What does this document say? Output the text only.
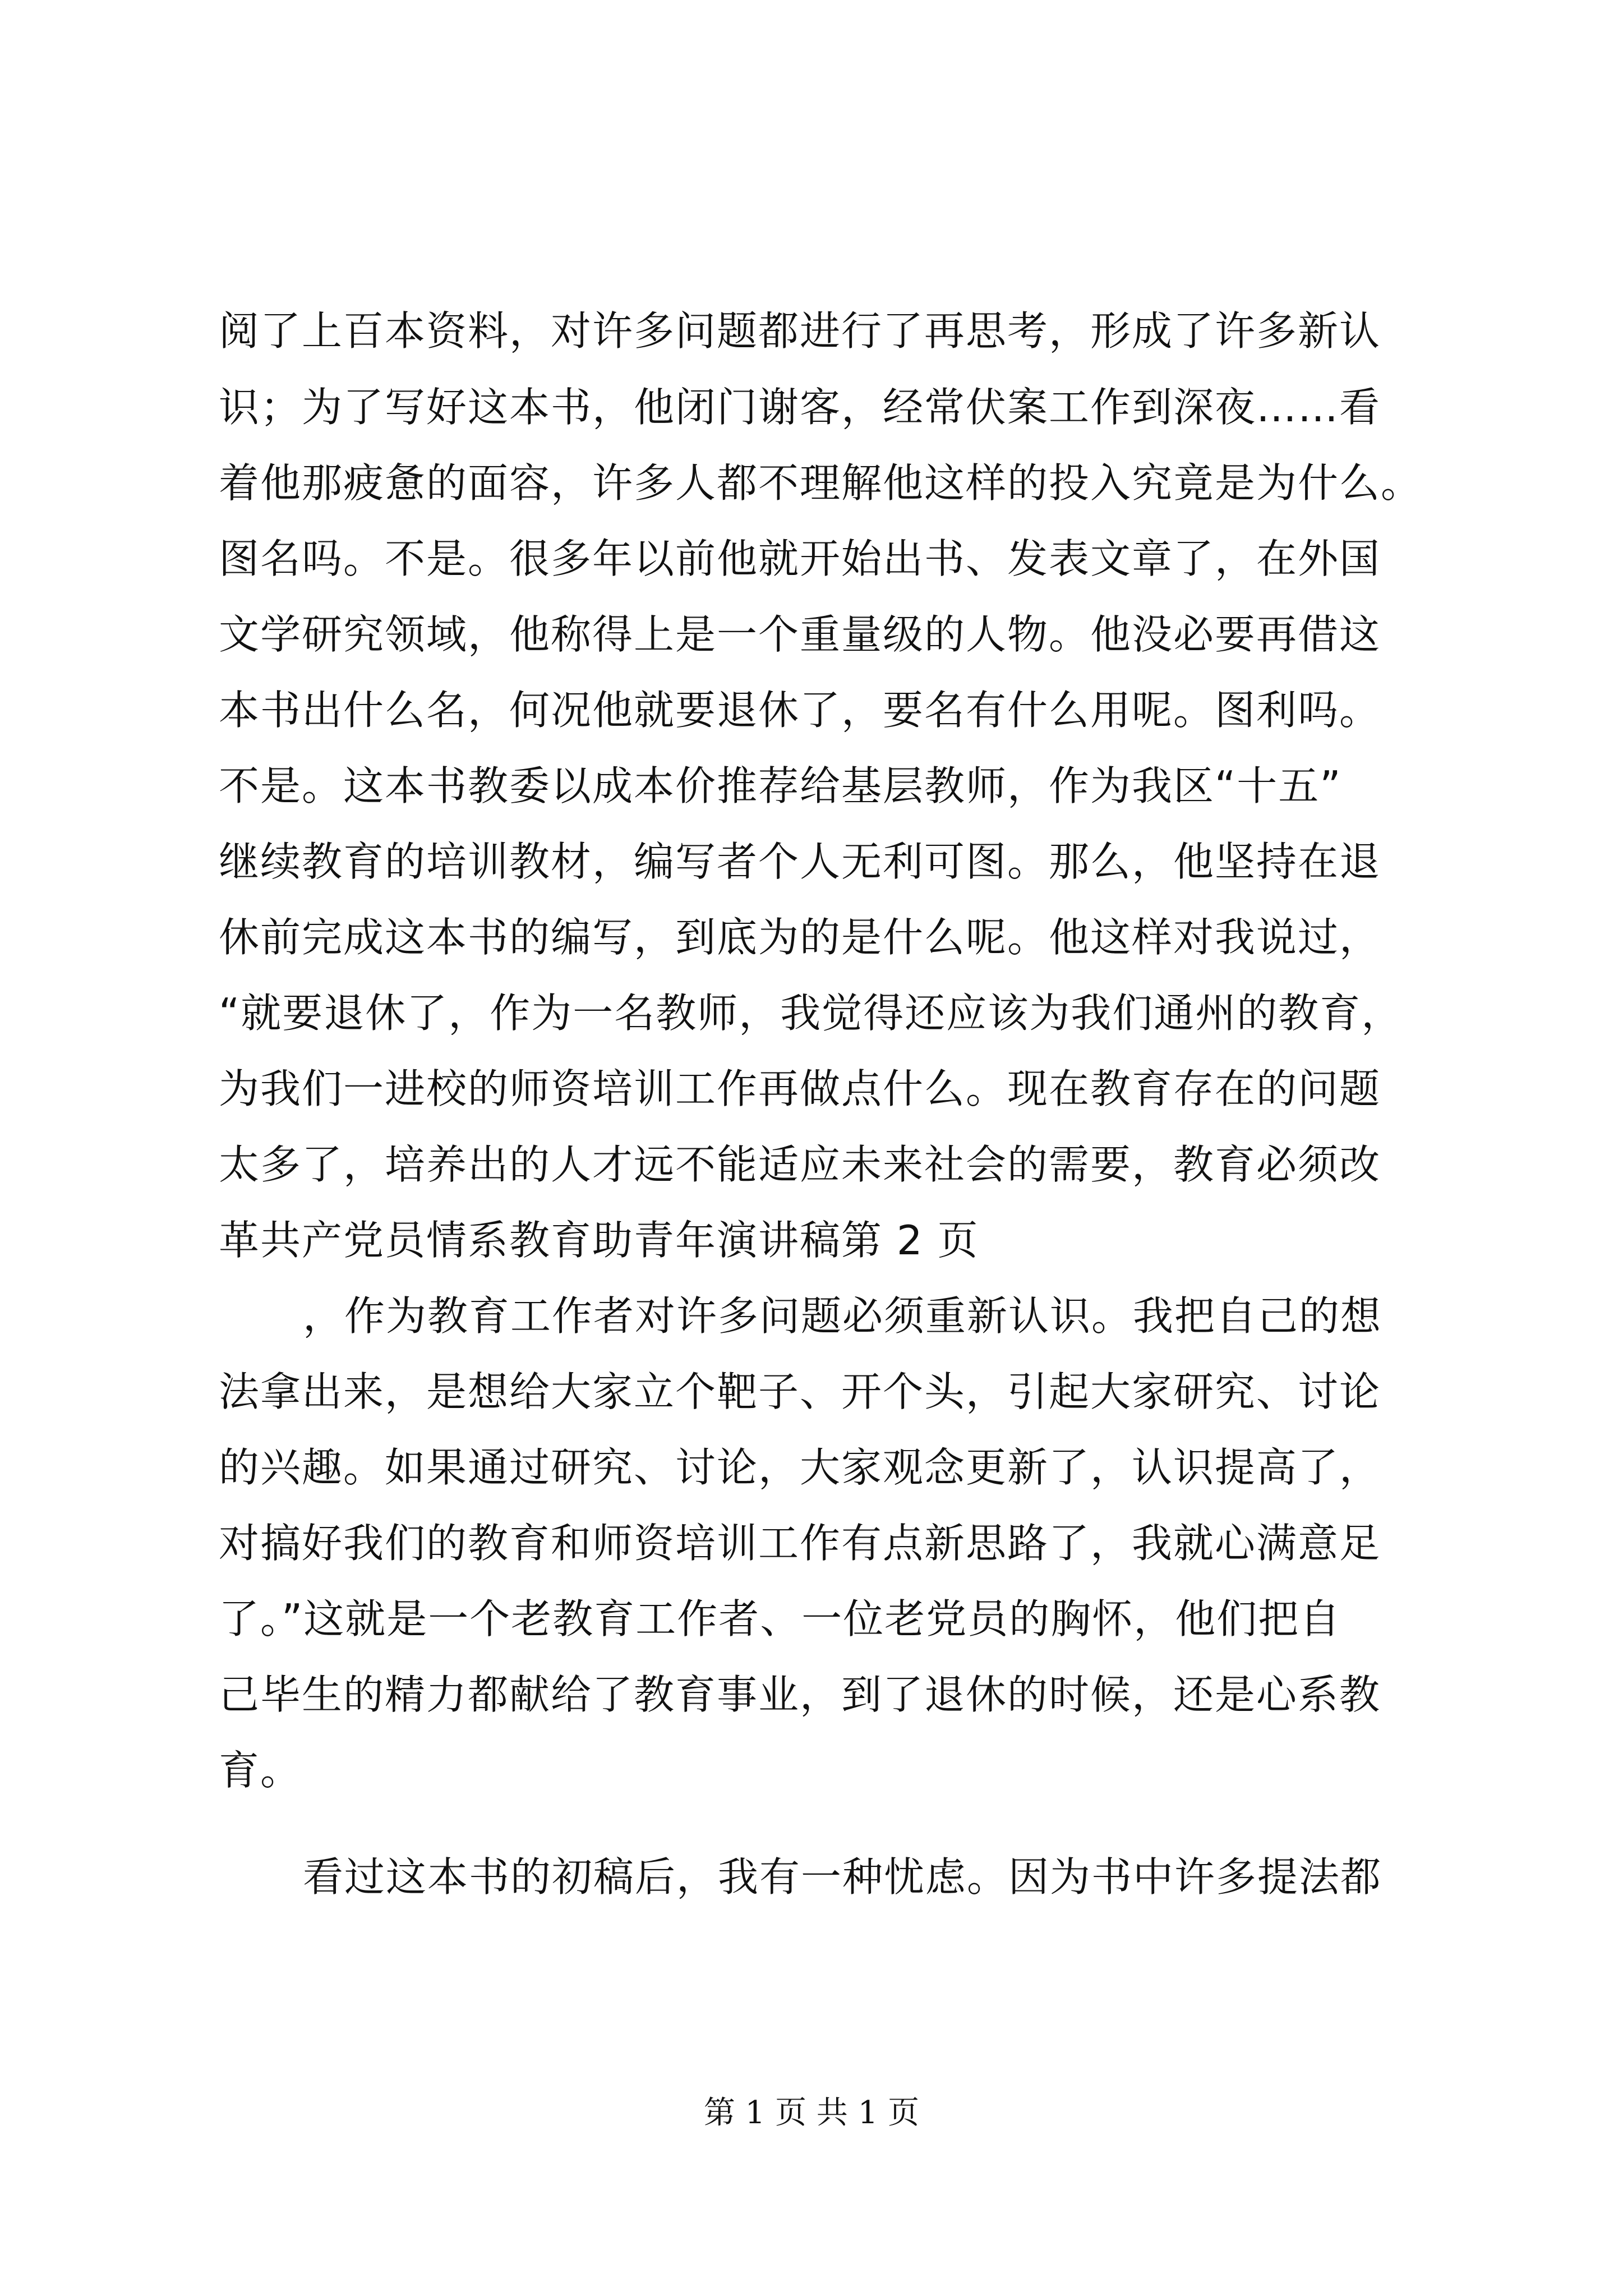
阅了上百本资料，对许多问题都进行了再思考，形成了许多新认
识；为了写好这本书，他闭门谢客，经常伏案工作到深夜……看
着他那疲惫的面容，许多人都不理解他这样的投入究竟是为什么。
图名吗。不是。很多年以前他就开始出书、发表文章了，在外国
文学研究领域，他称得上是一个重量级的人物。他没必要再借这
本书出什么名，何况他就要退休了，要名有什么用呢。图利吗。
不是。这本书教委以成本价推荐给基层教师，作为我区“十五”
继续教育的培训教材，编写者个人无利可图。那么，他坚持在退
休前完成这本书的编写，到底为的是什么呢。他这样对我说过，
“就要退休了，作为一名教师，我觉得还应该为我们通州的教育，
为我们一进校的师资培训工作再做点什么。现在教育存在的问题
太多了，培养出的人才远不能适应未来社会的需要，教育必须改
革共产党员情系教育助青年演讲稿第 2 页
，作为教育工作者对许多问题必须重新认识。我把自己的想
法拿出来，是想给大家立个靶子、开个头，引起大家研究、讨论
的兴趣。如果通过研究、讨论，大家观念更新了，认识提高了，
对搞好我们的教育和师资培训工作有点新思路了，我就心满意足
了。”这就是一个老教育工作者、一位老党员的胸怀，他们把自
己毕生的精力都献给了教育事业，到了退休的时候，还是心系教
育。
看过这本书的初稿后，我有一种忧虑。因为书中许多提法都
第 1 页 共 1 页
